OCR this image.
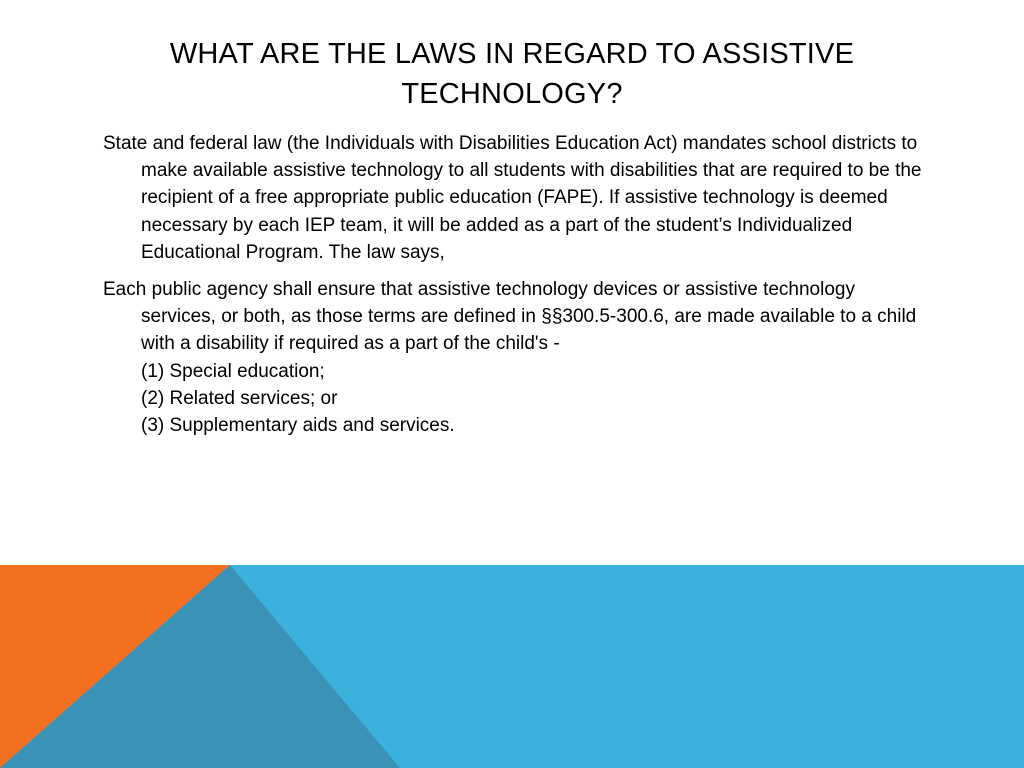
WHAT ARE THE LAWS IN REGARD TO ASSISTIVE TECHNOLOGY?

State and federal law (the Individuals with Disabilities Education Act) mandates school districts to make available assistive technology to all students with disabilities that are required to be the recipient of a free appropriate public education (FAPE). If assistive technology is deemed necessary by each IEP team, it will be added as a part of the student’s Individualized Educational Program. The law says,

Each public agency shall ensure that assistive technology devices or assistive technology services, or both, as those terms are defined in §§300.5-300.6, are made available to a child with a disability if required as a part of the child's -
(1) Special education;
(2) Related services; or
(3) Supplementary aids and services.
